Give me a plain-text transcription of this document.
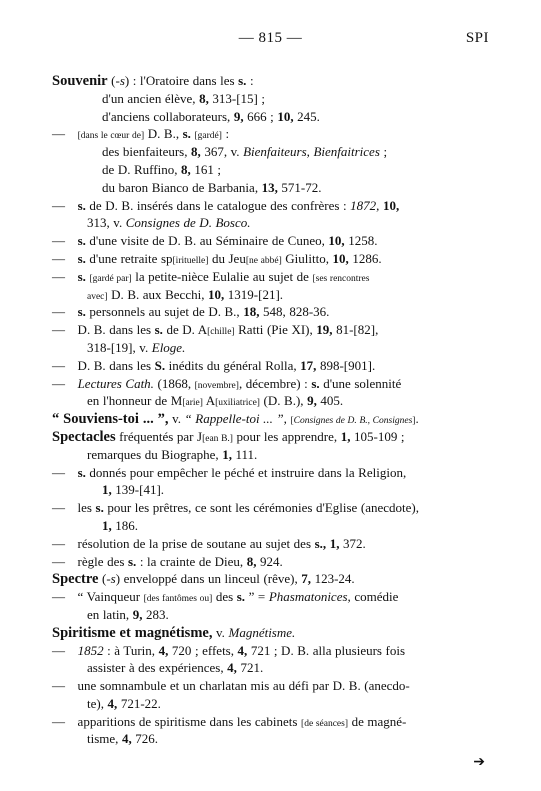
— 815 —	SPI
Souvenir (-s) : l'Oratoire dans les s. :
d'un ancien élève, 8, 313-[15] ;
d'anciens collaborateurs, 9, 666 ; 10, 245.
— [dans le cœur de] D. B., s. [gardé] :
des bienfaiteurs, 8, 367, v. Bienfaiteurs, Bienfaitrices ;
de D. Ruffino, 8, 161 ;
du baron Bianco de Barbania, 13, 571-72.
— s. de D. B. insérés dans le catalogue des confrères : 1872, 10,
313, v. Consignes de D. Bosco.
— s. d'une visite de D. B. au Séminaire de Cuneo, 10, 1258.
— s. d'une retraite sp[irituelle] du Jeu[ne abbé] Giulitto, 10, 1286.
— s. [gardé par] la petite-nièce Eulalie au sujet de [ses rencontres
avec] D. B. aux Becchi, 10, 1319-[21].
— s. personnels au sujet de D. B., 18, 548, 828-36.
— D. B. dans les s. de D. A[chille] Ratti (Pie XI), 19, 81-[82],
318-[19], v. Eloge.
— D. B. dans les S. inédits du général Rolla, 17, 898-[901].
— Lectures Cath. (1868, [novembre], décembre) : s. d'une solennité
en l'honneur de M[arie] A[uxiliatrice] (D. B.), 9, 405.
“ Souviens-toi ... ”, v. “ Rappelle-toi ... ”, [Consignes de D. B., Consignes].
Spectacles fréquentés par J[ean B.] pour les apprendre, 1, 105-109 ;
remarques du Biographe, 1, 111.
— s. donnés pour empêcher le péché et instruire dans la Religion,
1, 139-[41].
— les s. pour les prêtres, ce sont les cérémonies d'Eglise (anecdote),
1, 186.
— résolution de la prise de soutane au sujet des s., 1, 372.
— règle des s. : la crainte de Dieu, 8, 924.
Spectre (-s) enveloppé dans un linceul (rêve), 7, 123-24.
— “ Vainqueur [des fantômes ou] des s. ” = Phasmatonices, comédie
en latin, 9, 283.
Spiritisme et magnétisme, v. Magnétisme.
— 1852 : à Turin, 4, 720 ; effets, 4, 721 ; D. B. alla plusieurs fois
assister à des expériences, 4, 721.
— une somnambule et un charlatan mis au défi par D. B. (anecdo-
te), 4, 721-22.
— apparitions de spiritisme dans les cabinets [de séances] de magné-
tisme, 4, 726.
➔
